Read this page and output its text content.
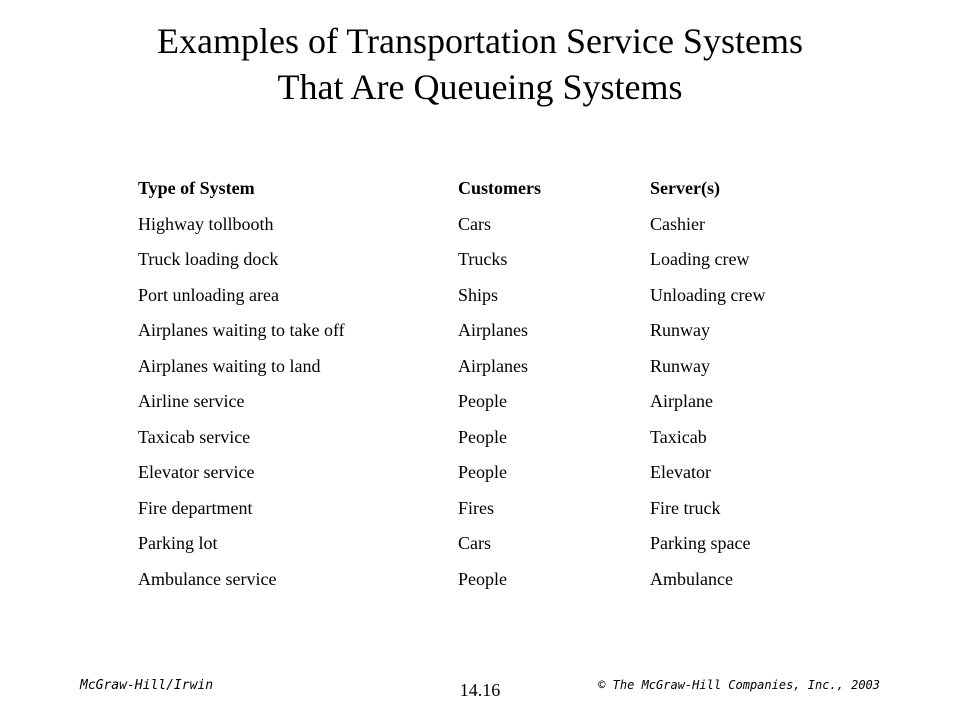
Examples of Transportation Service Systems
That Are Queueing Systems
Type of System	Customers	Server(s)
Highway tollbooth	Cars	Cashier
Truck loading dock	Trucks	Loading crew
Port unloading area	Ships	Unloading crew
Airplanes waiting to take off	Airplanes	Runway
Airplanes waiting to land	Airplanes	Runway
Airline service	People	Airplane
Taxicab service	People	Taxicab
Elevator service	People	Elevator
Fire department	Fires	Fire truck
Parking lot	Cars	Parking space
Ambulance service	People	Ambulance
McGraw-Hill/Irwin	14.16	© The McGraw-Hill Companies, Inc., 2003
